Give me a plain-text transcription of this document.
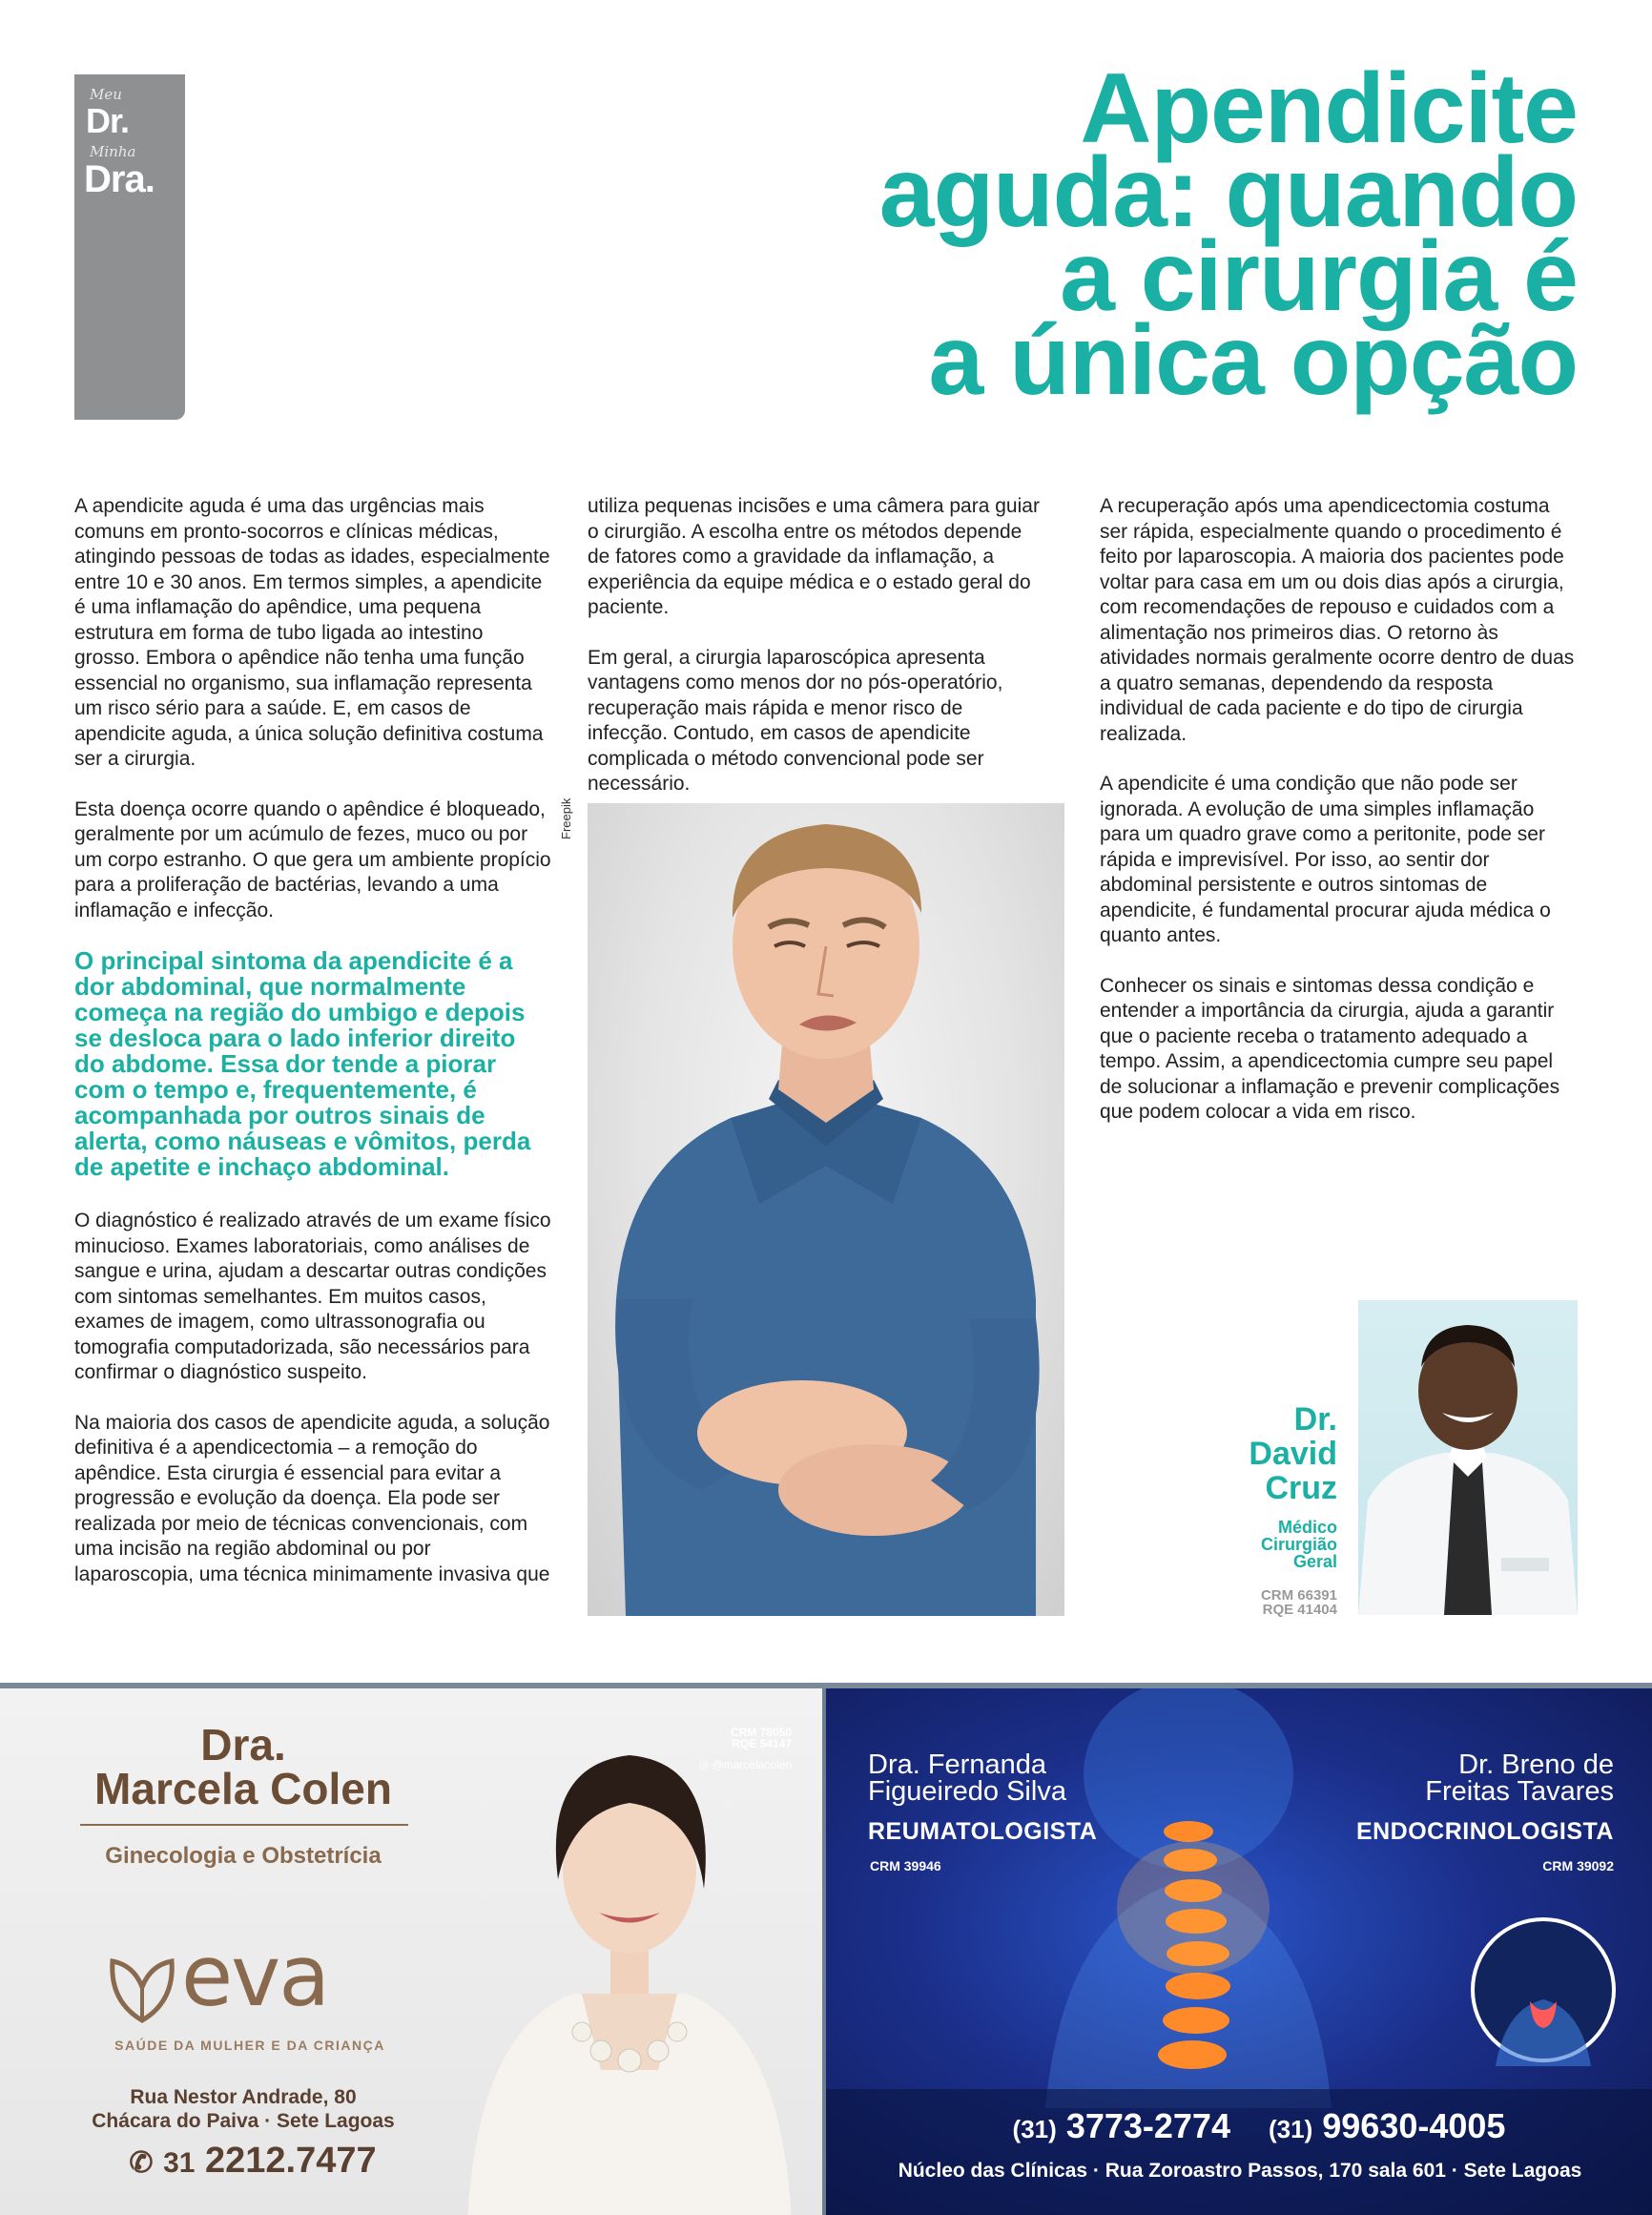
Meu
Dr.
Minha
Dra.
Apendicite
aguda: quando
a cirurgia é
a única opção

A apendicite aguda é uma das urgências mais comuns em pronto-socorros e clínicas médicas, atingindo pessoas de todas as idades, especialmente entre 10 e 30 anos. Em termos simples, a apendicite é uma inflamação do apêndice, uma pequena estrutura em forma de tubo ligada ao intestino grosso. Embora o apêndice não tenha uma função essencial no organismo, sua inflamação representa um risco sério para a saúde. E, em casos de apendicite aguda, a única solução definitiva costuma ser a cirurgia.

Esta doença ocorre quando o apêndice é bloqueado, geralmente por um acúmulo de fezes, muco ou por um corpo estranho. O que gera um ambiente propício para a proliferação de bactérias, levando a uma inflamação e infecção.

O principal sintoma da apendicite é a dor abdominal, que normalmente começa na região do umbigo e depois se desloca para o lado inferior direito do abdome. Essa dor tende a piorar com o tempo e, frequentemente, é acompanhada por outros sinais de alerta, como náuseas e vômitos, perda de apetite e inchaço abdominal.

O diagnóstico é realizado através de um exame físico minucioso. Exames laboratoriais, como análises de sangue e urina, ajudam a descartar outras condições com sintomas semelhantes. Em muitos casos, exames de imagem, como ultrassonografia ou tomografia computadorizada, são necessários para confirmar o diagnóstico suspeito.

Na maioria dos casos de apendicite aguda, a solução definitiva é a apendicectomia – a remoção do apêndice. Esta cirurgia é essencial para evitar a progressão e evolução da doença. Ela pode ser realizada por meio de técnicas convencionais, com uma incisão na região abdominal ou por laparoscopia, uma técnica minimamente invasiva que

utiliza pequenas incisões e uma câmera para guiar o cirurgião. A escolha entre os métodos depende de fatores como a gravidade da inflamação, a experiência da equipe médica e o estado geral do paciente.

Em geral, a cirurgia laparoscópica apresenta vantagens como menos dor no pós-operatório, recuperação mais rápida e menor risco de infecção. Contudo, em casos de apendicite complicada o método convencional pode ser necessário.

Freepik

A recuperação após uma apendicectomia costuma ser rápida, especialmente quando o procedimento é feito por laparoscopia. A maioria dos pacientes pode voltar para casa em um ou dois dias após a cirurgia, com recomendações de repouso e cuidados com a alimentação nos primeiros dias. O retorno às atividades normais geralmente ocorre dentro de duas a quatro semanas, dependendo da resposta individual de cada paciente e do tipo de cirurgia realizada.

A apendicite é uma condição que não pode ser ignorada. A evolução de uma simples inflamação para um quadro grave como a peritonite, pode ser rápida e imprevisível. Por isso, ao sentir dor abdominal persistente e outros sintomas de apendicite, é fundamental procurar ajuda médica o quanto antes.

Conhecer os sinais e sintomas dessa condição e entender a importância da cirurgia, ajuda a garantir que o paciente receba o tratamento adequado a tempo. Assim, a apendicectomia cumpre seu papel de solucionar a inflamação e prevenir complicações que podem colocar a vida em risco.

Dr.
David
Cruz
Médico
Cirurgião
Geral
CRM 66391
RQE 41404
Dra.
Marcela Colen
Ginecologia e Obstetrícia
eva
SAÚDE DA MULHER E DA CRIANÇA
Rua Nestor Andrade, 80
Chácara do Paiva · Sete Lagoas
✆ 31 2212.7477
CRM 78050
RQE 54147
◎ @marcelacolen	Dra. Fernanda
Figueiredo Silva
REUMATOLOGISTA
CRM 39946
Dr. Breno de
Freitas Tavares
ENDOCRINOLOGISTA
CRM 39092
(31) 3773-2774 (31) 99630-4005
Núcleo das Clínicas · Rua Zoroastro Passos, 170 sala 601 · Sete Lagoas
